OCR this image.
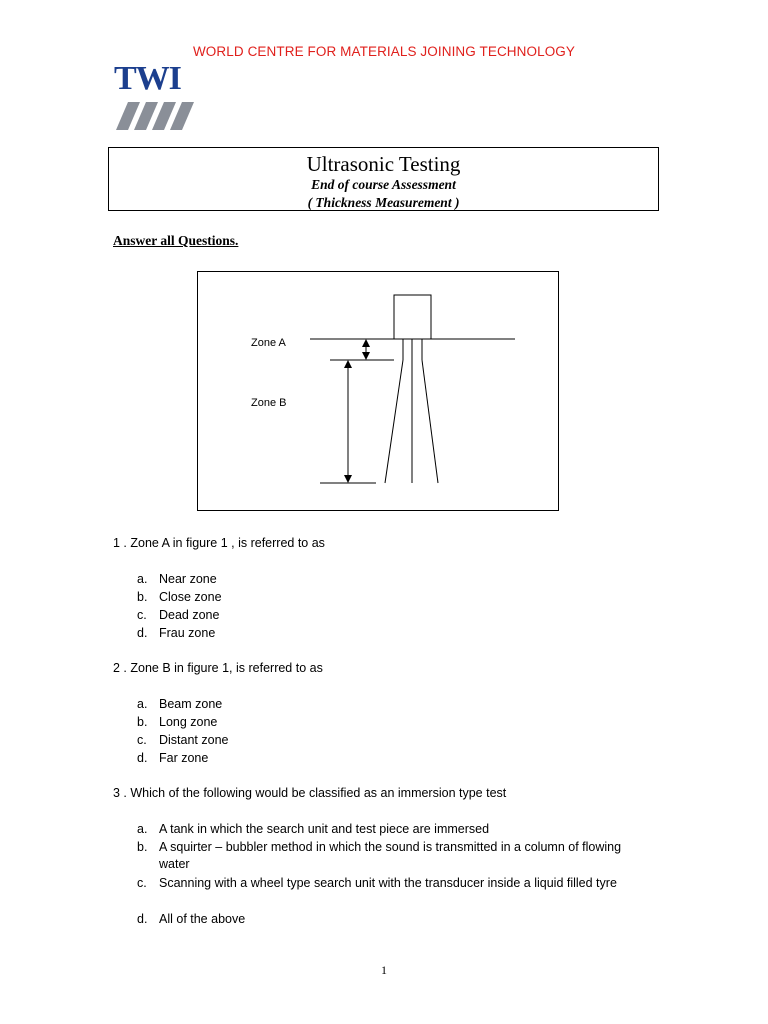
WORLD CENTRE FOR MATERIALS JOINING TECHNOLOGY
TWI
Ultrasonic Testing
End of course Assessment
( Thickness Measurement )
Answer all Questions.
Zone A
Zone B
1 . Zone A in figure 1 , is referred to as
a. Near zone
b. Close zone
c. Dead zone
d. Frau zone
2 . Zone B in figure 1, is referred to as
a. Beam zone
b. Long zone
c. Distant zone
d. Far zone
3 . Which of the following would be classified as an immersion type test
a. A tank in which the search unit and test piece are immersed
b. A squirter – bubbler method in which the sound is transmitted in a column of flowing water
c. Scanning with a wheel type search unit with the transducer inside a liquid filled tyre
d. All of the above
1
